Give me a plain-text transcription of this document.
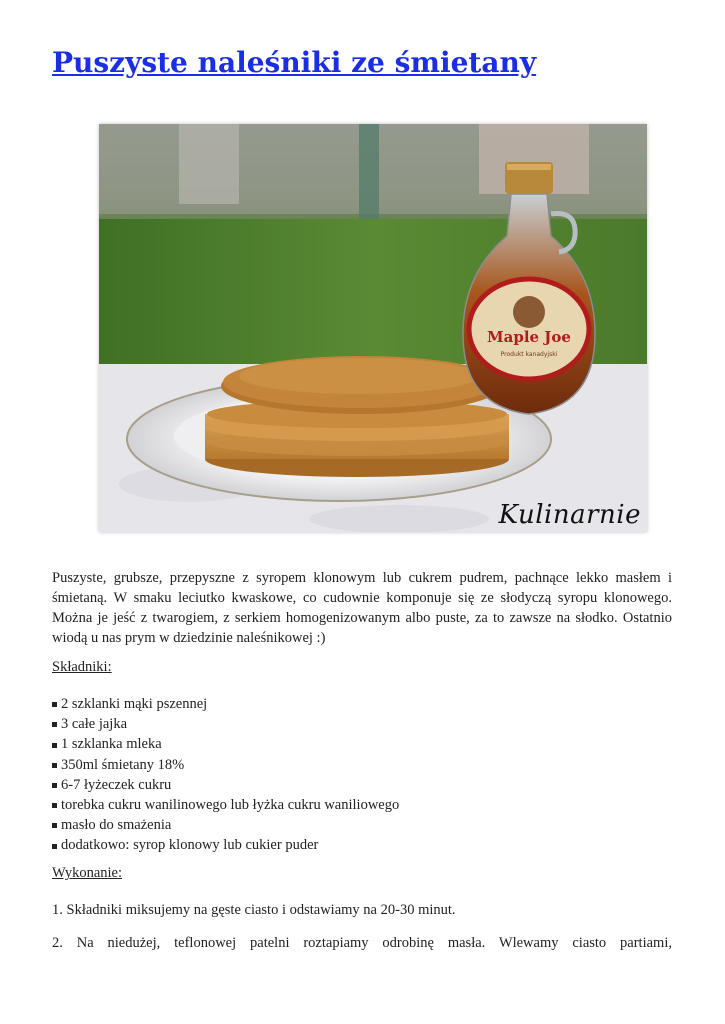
Puszyste naleśniki ze śmietany
Maple Joe
Produkt kanadyjski
Kulinarnie

Puszyste, grubsze, przepyszne z syropem klonowym lub cukrem pudrem, pachnące lekko masłem i śmietaną. W smaku leciutko kwaskowe, co cudownie komponuje się ze słodyczą syropu klonowego. Można je jeść z twarogiem, z serkiem homogenizowanym albo puste, za to zawsze na słodko. Ostatnio wiodą u nas prym w dziedzinie naleśnikowej :)

Składniki:

2 szklanki mąki pszennej
3 całe jajka
1 szklanka mleka
350ml śmietany 18%
6-7 łyżeczek cukru
torebka cukru wanilinowego lub łyżka cukru waniliowego
masło do smażenia
dodatkowo: syrop klonowy lub cukier puder

Wykonanie:

1. Składniki miksujemy na gęste ciasto i odstawiamy na 20-30 minut.

2. Na niedużej, teflonowej patelni roztapiamy odrobinę masła. Wlewamy ciasto partiami,
